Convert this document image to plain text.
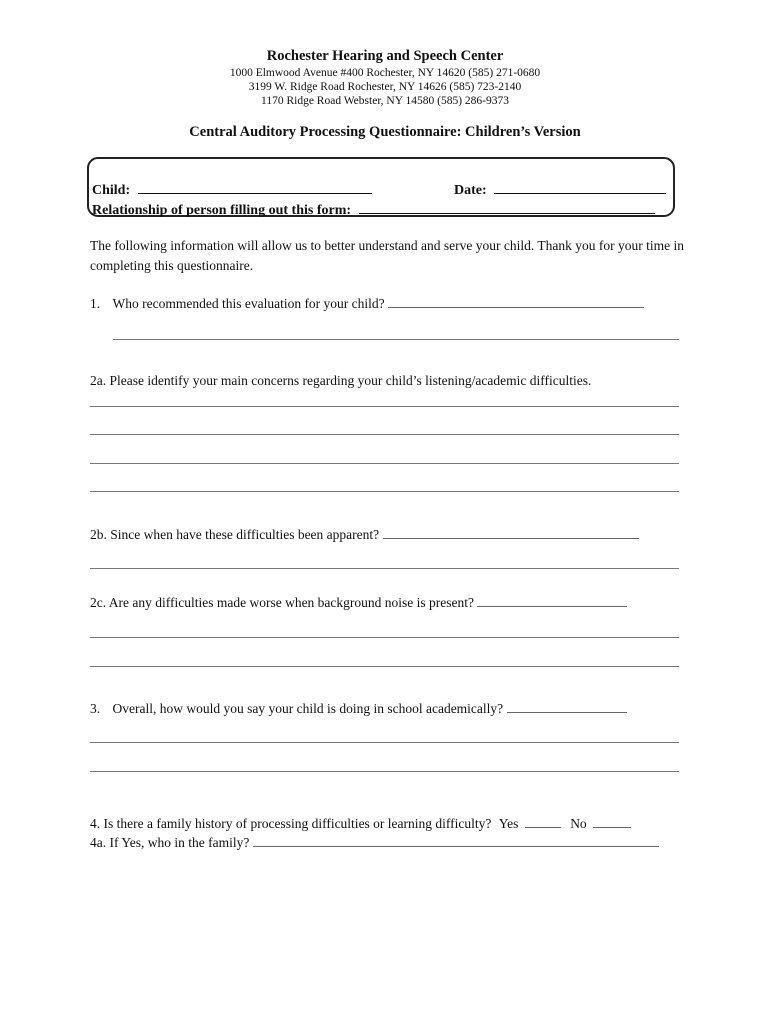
Rochester Hearing and Speech Center
1000 Elmwood Avenue #400 Rochester, NY 14620 (585) 271-0680
3199 W. Ridge Road Rochester, NY 14626 (585) 723-2140
1170 Ridge Road Webster, NY 14580 (585) 286-9373
Central Auditory Processing Questionnaire: Children’s Version
Child:	Date:
Relationship of person filling out this form:
The following information will allow us to better understand and serve your child. Thank you for your time in completing this questionnaire.
1. Who recommended this evaluation for your child?
2a. Please identify your main concerns regarding your child’s listening/academic difficulties.
2b. Since when have these difficulties been apparent?
2c. Are any difficulties made worse when background noise is present?
3. Overall, how would you say your child is doing in school academically?
4. Is there a family history of processing difficulties or learning difficulty? Yes	No
4a. If Yes, who in the family?
